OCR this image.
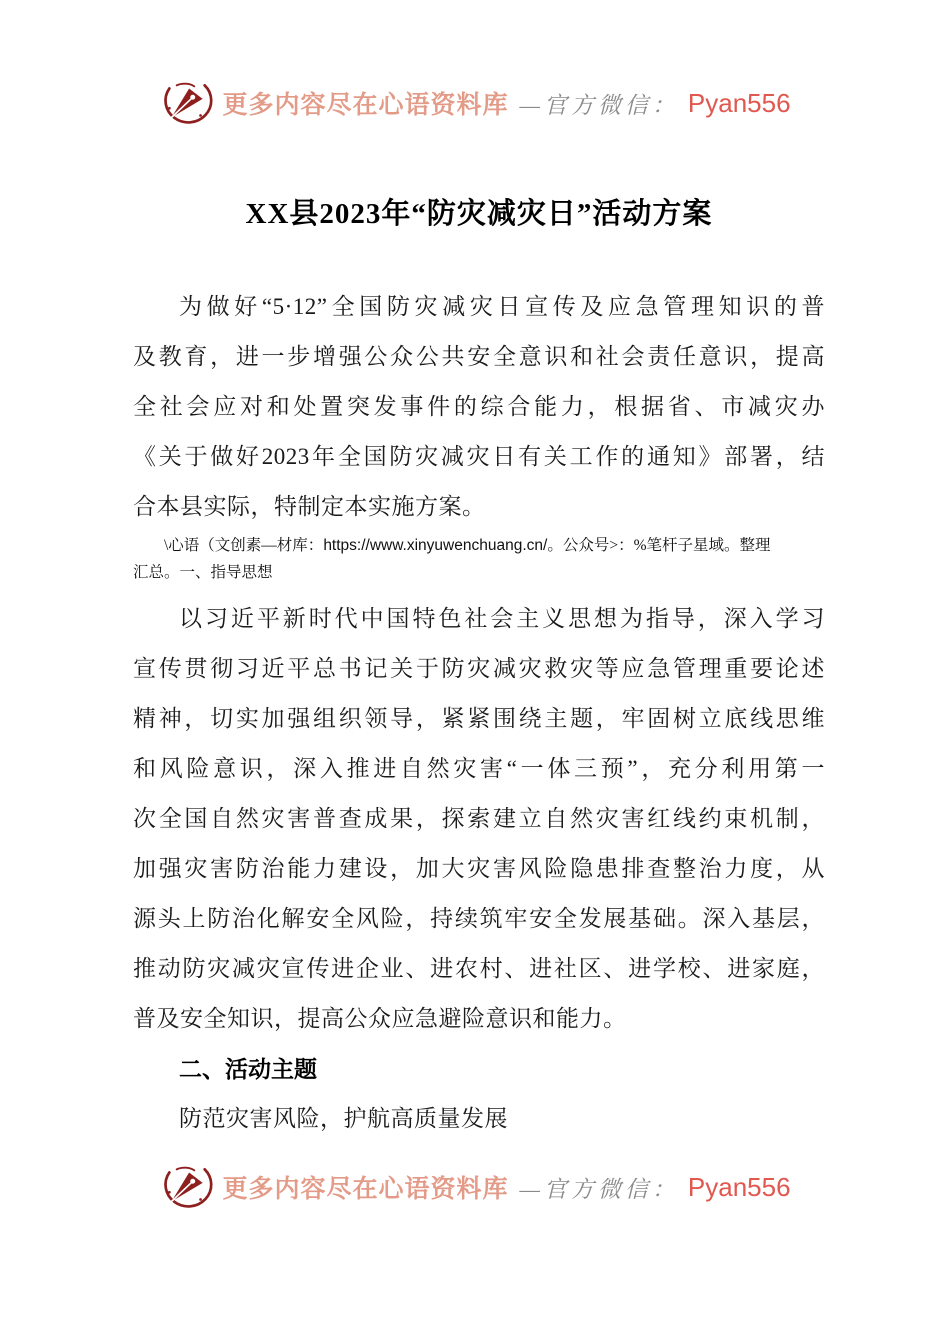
更多内容尽在心语资料库 —官方微信： Pyan556
XX县2023年“防灾减灾日”活动方案
为做好“5·12”全国防灾减灾日宣传及应急管理知识的普
及教育，进一步增强公众公共安全意识和社会责任意识，提高
全社会应对和处置突发事件的综合能力，根据省、市减灾办
《关于做好2023年全国防灾减灾日有关工作的通知》部署，结
合本县实际，特制定本实施方案。
\心语（文创素—材库：https://www.xinyuwenchuang.cn/。公众号>：%笔杆子星域。整理
汇总。一、指导思想
以习近平新时代中国特色社会主义思想为指导，深入学习
宣传贯彻习近平总书记关于防灾减灾救灾等应急管理重要论述
精神，切实加强组织领导，紧紧围绕主题，牢固树立底线思维
和风险意识，深入推进自然灾害“一体三预”，充分利用第一
次全国自然灾害普查成果，探索建立自然灾害红线约束机制，
加强灾害防治能力建设，加大灾害风险隐患排查整治力度，从
源头上防治化解安全风险，持续筑牢安全发展基础。深入基层，
推动防灾减灾宣传进企业、进农村、进社区、进学校、进家庭，
普及安全知识，提高公众应急避险意识和能力。
二、活动主题
防范灾害风险，护航高质量发展
更多内容尽在心语资料库 —官方微信： Pyan556
